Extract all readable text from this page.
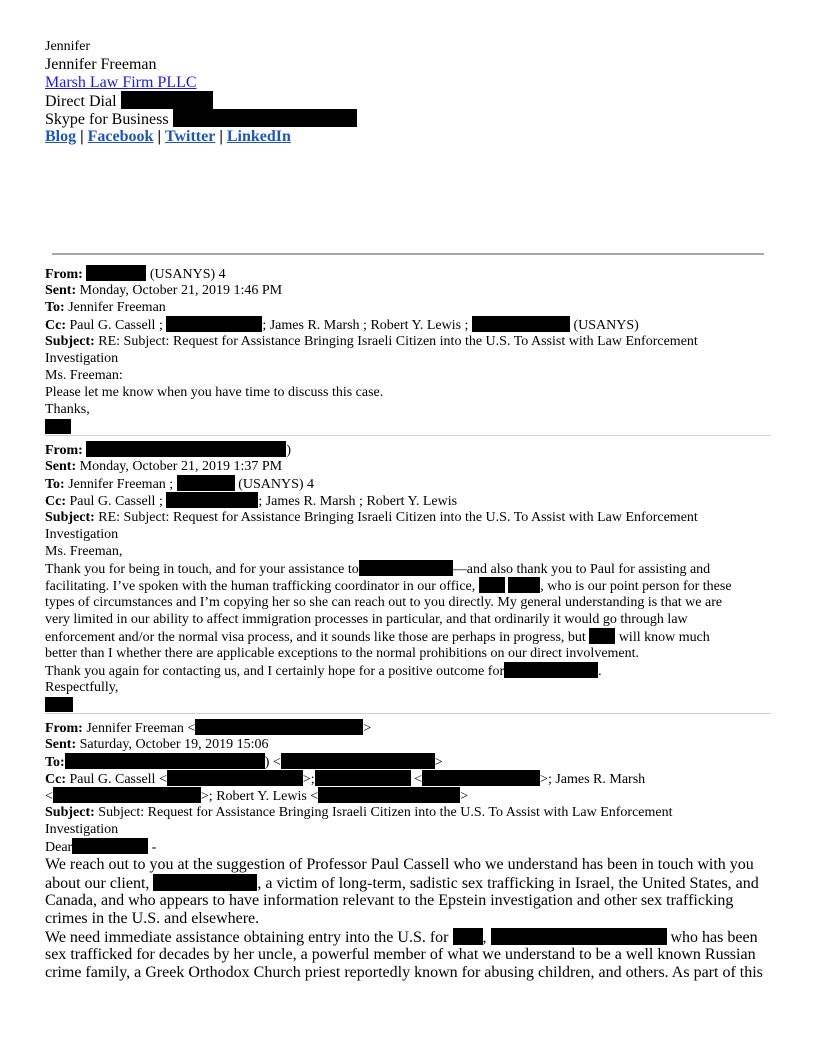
Jennifer
Jennifer Freeman
Marsh Law Firm PLLC
Direct Dial
Skype for Business
Blog | Facebook | Twitter | LinkedIn
From:	(USANYS) 4
Sent: Monday, October 21, 2019 1:46 PM
To: Jennifer Freeman
Cc: Paul G. Cassell ;	; James R. Marsh ; Robert Y. Lewis ;	(USANYS)
Subject: RE: Subject: Request for Assistance Bringing Israeli Citizen into the U.S. To Assist with Law Enforcement
Investigation
Ms. Freeman:
Please let me know when you have time to discuss this case.
Thanks,
From:	)
Sent: Monday, October 21, 2019 1:37 PM
To: Jennifer Freeman ;	(USANYS) 4
Cc: Paul G. Cassell ;	; James R. Marsh ; Robert Y. Lewis
Subject: RE: Subject: Request for Assistance Bringing Israeli Citizen into the U.S. To Assist with Law Enforcement
Investigation
Ms. Freeman,
Thank you for being in touch, and for your assistance to	—and also thank you to Paul for assisting and
facilitating. I’ve spoken with the human trafficking coordinator in our office,	, who is our point person for these
types of circumstances and I’m copying her so she can reach out to you directly. My general understanding is that we are
very limited in our ability to affect immigration processes in particular, and that ordinarily it would go through law
enforcement and/or the normal visa process, and it sounds like those are perhaps in progress, but will know much
better than I whether there are applicable exceptions to the normal prohibitions on our direct involvement.
Thank you again for contacting us, and I certainly hope for a positive outcome for	.
Respectfully,
From: Jennifer Freeman <	>
Sent: Saturday, October 19, 2019 15:06
To:	) <	>
Cc: Paul G. Cassell <	>;	<	>; James R. Marsh
<	>; Robert Y. Lewis <	>
Subject: Subject: Request for Assistance Bringing Israeli Citizen into the U.S. To Assist with Law Enforcement
Investigation
Dear	-
We reach out to you at the suggestion of Professor Paul Cassell who we understand has been in touch with you
about our client,	, a victim of long-term, sadistic sex trafficking in Israel, the United States, and
Canada, and who appears to have information relevant to the Epstein investigation and other sex trafficking
crimes in the U.S. and elsewhere.
We need immediate assistance obtaining entry into the U.S. for ,	who has been
sex trafficked for decades by her uncle, a powerful member of what we understand to be a well known Russian
crime family, a Greek Orthodox Church priest reportedly known for abusing children, and others. As part of this
